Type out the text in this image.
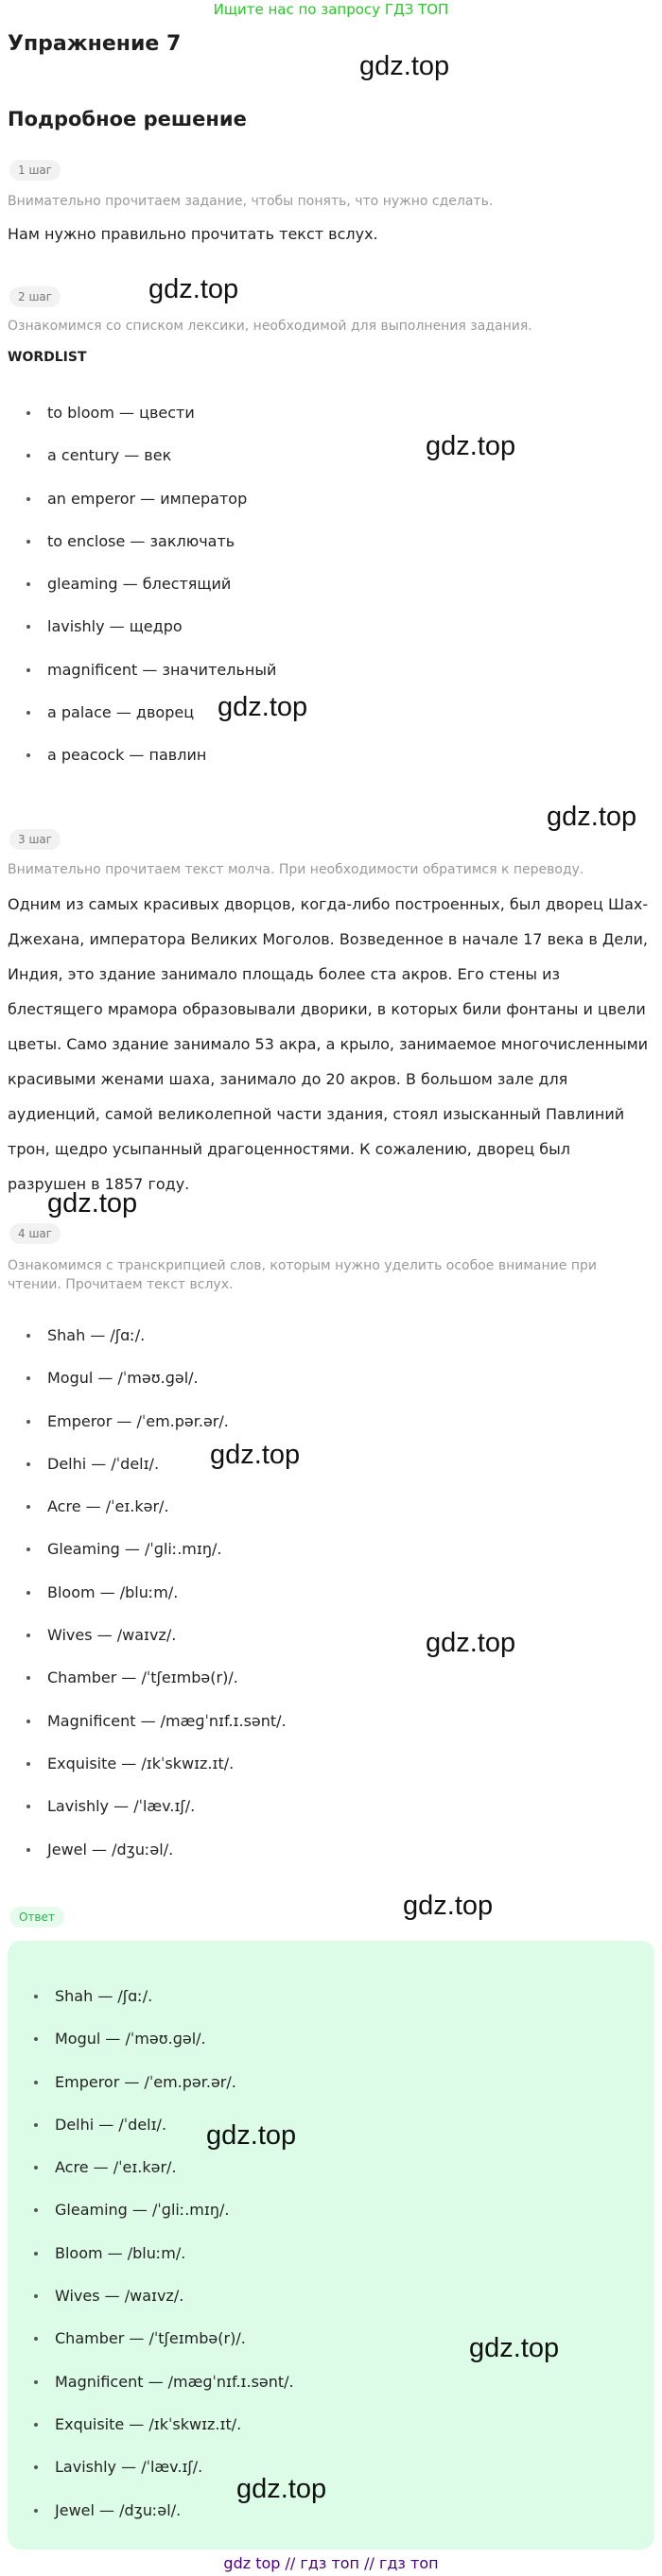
Ищите нас по запросу ГДЗ ТОП
Упражнение 7
Подробное решение
1 шаг

Внимательно прочитаем задание, чтобы понять, что нужно сделать.

Нам нужно правильно прочитать текст вслух.

2 шаг

Ознакомимся со списком лексики, необходимой для выполнения задания.

WORDLIST
to bloom — цвести
a century — век
an emperor — император
to enclose — заключать
gleaming — блестящий
lavishly — щедро
magnificent — значительный
a palace — дворец
a peacock — павлин
3 шаг

Внимательно прочитаем текст молча. При необходимости обратимся к переводу.

Одним из самых красивых дворцов, когда-либо построенных, был дворец Шах-Джехана, императора Великих Моголов. Возведенное в начале 17 века в Дели, Индия, это здание занимало площадь более ста акров. Его стены из блестящего мрамора образовывали дворики, в которых били фонтаны и цвели цветы. Само здание занимало 53 акра, а крыло, занимаемое многочисленными красивыми женами шаха, занимало до 20 акров. В большом зале для аудиенций, самой великолепной части здания, стоял изысканный Павлиний трон, щедро усыпанный драгоценностями. К сожалению, дворец был разрушен в 1857 году.

4 шаг

Ознакомимся с транскрипцией слов, которым нужно уделить особое внимание при чтении. Прочитаем текст вслух.

Shah — /ʃɑː/.
Mogul — /ˈməʊ.ɡəl/.
Emperor — /ˈem.pər.ər/.
Delhi — /ˈdelɪ/.
Acre — /ˈeɪ.kər/.
Gleaming — /ˈɡliː.mɪŋ/.
Bloom — /bluːm/.
Wives — /waɪvz/.
Chamber — /ˈtʃeɪmbə(r)/.
Magnificent — /mæɡˈnɪf.ɪ.sənt/.
Exquisite — /ɪkˈskwɪz.ɪt/.
Lavishly — /ˈlæv.ɪʃ/.
Jewel — /dʒuːəl/.
Ответ
Shah — /ʃɑː/.
Mogul — /ˈməʊ.ɡəl/.
Emperor — /ˈem.pər.ər/.
Delhi — /ˈdelɪ/.
Acre — /ˈeɪ.kər/.
Gleaming — /ˈɡliː.mɪŋ/.
Bloom — /bluːm/.
Wives — /waɪvz/.
Chamber — /ˈtʃeɪmbə(r)/.
Magnificent — /mæɡˈnɪf.ɪ.sənt/.
Exquisite — /ɪkˈskwɪz.ɪt/.
Lavishly — /ˈlæv.ɪʃ/.
Jewel — /dʒuːəl/.
gdz.top
gdz.top
gdz.top
gdz.top
gdz.top
gdz.top
gdz.top
gdz.top
gdz.top
gdz.top
gdz.top
gdz.top
gdz top // гдз топ // гдз топ
